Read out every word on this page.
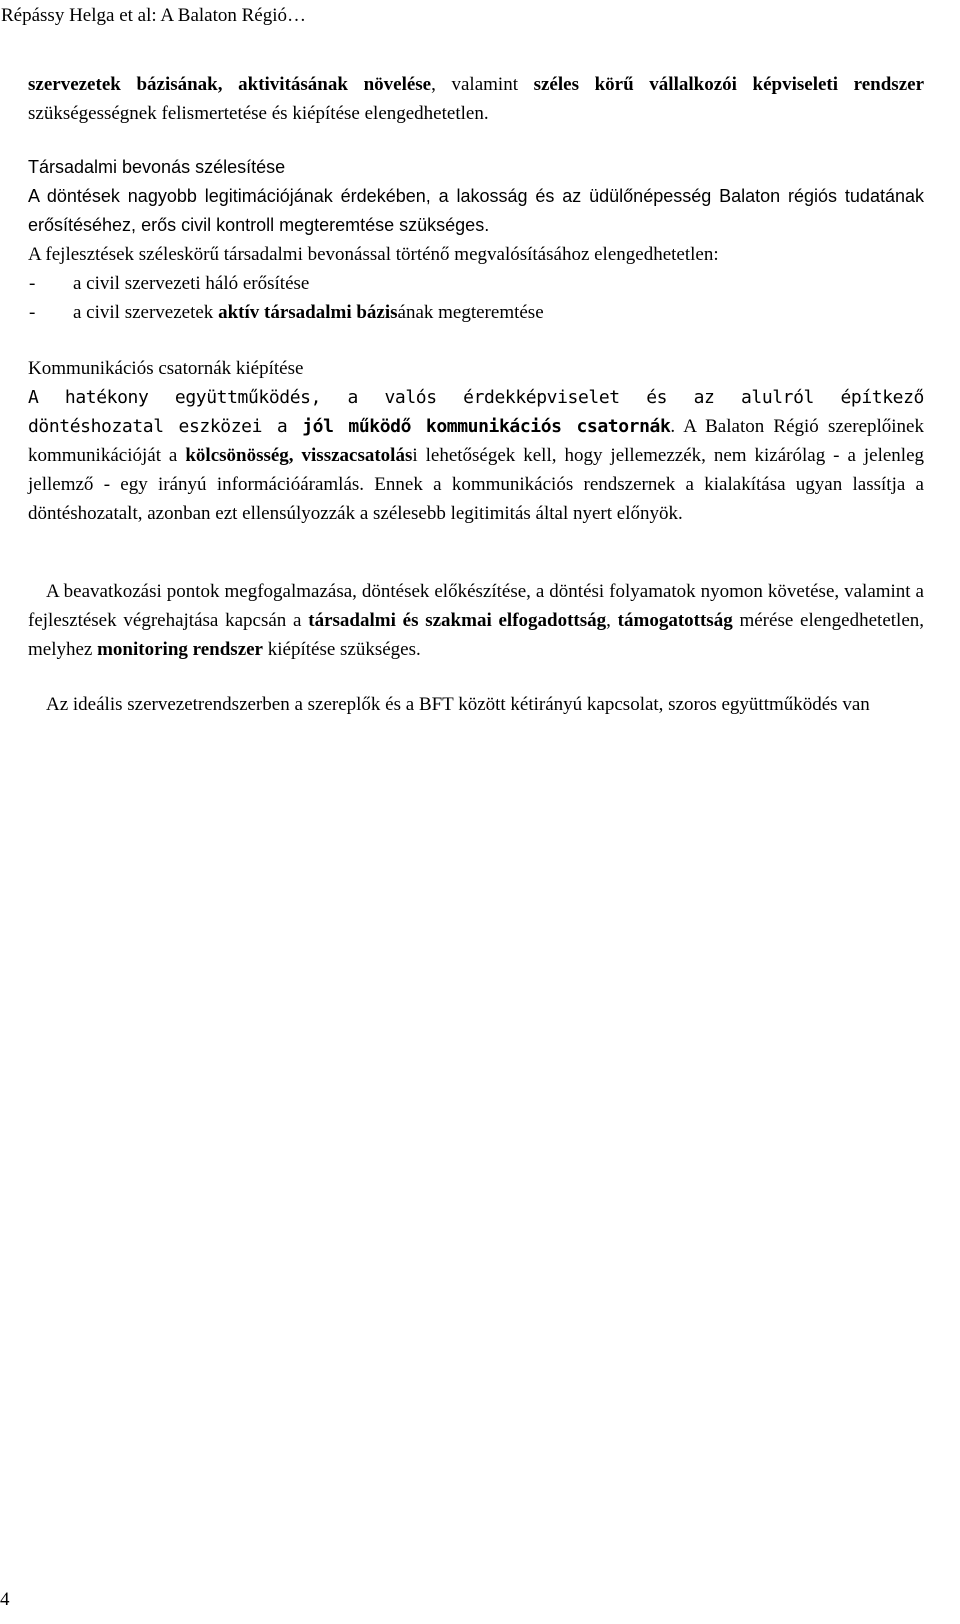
Répássy Helga et al: A Balaton Régió…
szervezetek bázisának, aktivitásának növelése, valamint széles körű vállalkozói képviseleti rendszer szükségességnek felismertetése és kiépítése elengedhetetlen.
Társadalmi bevonás szélesítése
A döntések nagyobb legitimációjának érdekében, a lakosság és az üdülőnépesség Balaton régiós tudatának erősítéséhez, erős civil kontroll megteremtése szükséges.
A fejlesztések széleskörű társadalmi bevonással történő megvalósításához elengedhetetlen:
- a civil szervezeti háló erősítése
- a civil szervezetek aktív társadalmi bázisának megteremtése
Kommunikációs csatornák kiépítése
A hatékony együttműködés, a valós érdekképviselet és az alulról építkező döntéshozatal eszközei a jól működő kommunikációs csatornák. A Balaton Régió szereplőinek kommunikációját a kölcsönösség, visszacsatolási lehetőségek kell, hogy jellemezzék, nem kizárólag - a jelenleg jellemző - egy irányú információáramlás. Ennek a kommunikációs rendszernek a kialakítása ugyan lassítja a döntéshozatalt, azonban ezt ellensúlyozzák a szélesebb legitimitás által nyert előnyök.
A beavatkozási pontok megfogalmazása, döntések előkészítése, a döntési folyamatok nyomon követése, valamint a fejlesztések végrehajtása kapcsán a társadalmi és szakmai elfogadottság, támogatottság mérése elengedhetetlen, melyhez monitoring rendszer kiépítése szükséges.
Az ideális szervezetrendszerben a szereplők és a BFT között kétirányú kapcsolat, szoros együttműködés van
4
